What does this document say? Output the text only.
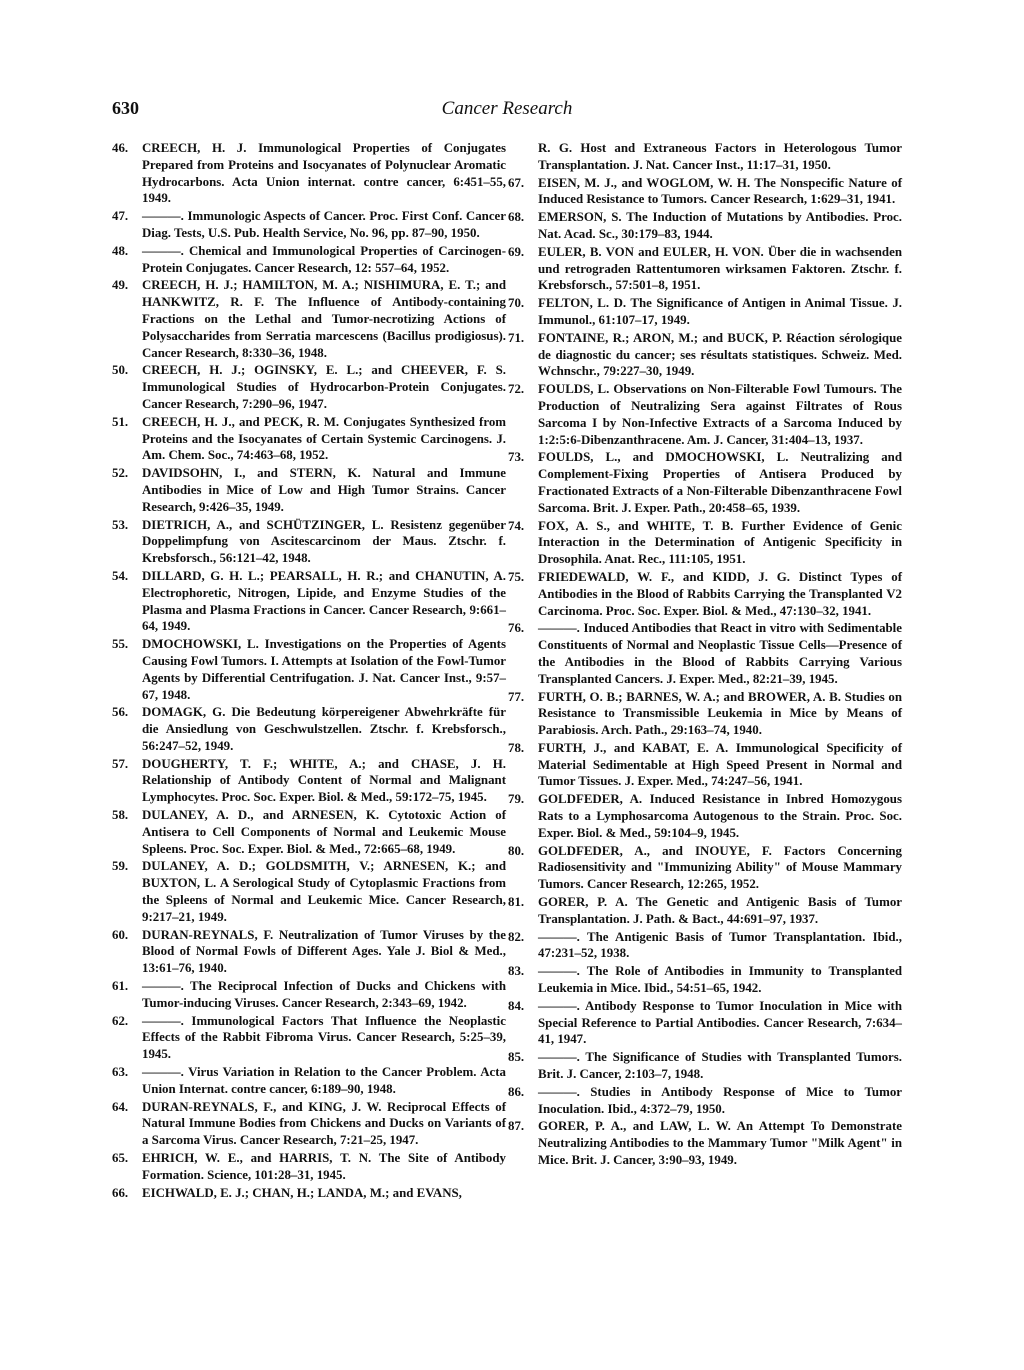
630	Cancer Research
46.	CREECH, H. J. Immunological Properties of Conjugates Prepared from Proteins and Isocyanates of Polynuclear Aromatic Hydrocarbons. Acta Union internat. contre cancer, 6:451–55, 1949.
47.	———. Immunologic Aspects of Cancer. Proc. First Conf. Cancer Diag. Tests, U.S. Pub. Health Service, No. 96, pp. 87–90, 1950.
48.	———. Chemical and Immunological Properties of Carcinogen-Protein Conjugates. Cancer Research, 12: 557–64, 1952.
49.	CREECH, H. J.; HAMILTON, M. A.; NISHIMURA, E. T.; and HANKWITZ, R. F. The Influence of Antibody-containing Fractions on the Lethal and Tumor-necrotizing Actions of Polysaccharides from Serratia marcescens (Bacillus prodigiosus). Cancer Research, 8:330–36, 1948.
50.	CREECH, H. J.; OGINSKY, E. L.; and CHEEVER, F. S. Immunological Studies of Hydrocarbon-Protein Conjugates. Cancer Research, 7:290–96, 1947.
51.	CREECH, H. J., and PECK, R. M. Conjugates Synthesized from Proteins and the Isocyanates of Certain Systemic Carcinogens. J. Am. Chem. Soc., 74:463–68, 1952.
52.	DAVIDSOHN, I., and STERN, K. Natural and Immune Antibodies in Mice of Low and High Tumor Strains. Cancer Research, 9:426–35, 1949.
53.	DIETRICH, A., and SCHÜTZINGER, L. Resistenz gegenüber Doppelimpfung von Ascitescarcinom der Maus. Ztschr. f. Krebsforsch., 56:121–42, 1948.
54.	DILLARD, G. H. L.; PEARSALL, H. R.; and CHANUTIN, A. Electrophoretic, Nitrogen, Lipide, and Enzyme Studies of the Plasma and Plasma Fractions in Cancer. Cancer Research, 9:661–64, 1949.
55.	DMOCHOWSKI, L. Investigations on the Properties of Agents Causing Fowl Tumors. I. Attempts at Isolation of the Fowl-Tumor Agents by Differential Centrifugation. J. Nat. Cancer Inst., 9:57–67, 1948.
56.	DOMAGK, G. Die Bedeutung körpereigener Abwehrkräfte für die Ansiedlung von Geschwulstzellen. Ztschr. f. Krebsforsch., 56:247–52, 1949.
57.	DOUGHERTY, T. F.; WHITE, A.; and CHASE, J. H. Relationship of Antibody Content of Normal and Malignant Lymphocytes. Proc. Soc. Exper. Biol. & Med., 59:172–75, 1945.
58.	DULANEY, A. D., and ARNESEN, K. Cytotoxic Action of Antisera to Cell Components of Normal and Leukemic Mouse Spleens. Proc. Soc. Exper. Biol. & Med., 72:665–68, 1949.
59.	DULANEY, A. D.; GOLDSMITH, V.; ARNESEN, K.; and BUXTON, L. A Serological Study of Cytoplasmic Fractions from the Spleens of Normal and Leukemic Mice. Cancer Research, 9:217–21, 1949.
60.	DURAN-REYNALS, F. Neutralization of Tumor Viruses by the Blood of Normal Fowls of Different Ages. Yale J. Biol & Med., 13:61–76, 1940.
61.	———. The Reciprocal Infection of Ducks and Chickens with Tumor-inducing Viruses. Cancer Research, 2:343–69, 1942.
62.	———. Immunological Factors That Influence the Neoplastic Effects of the Rabbit Fibroma Virus. Cancer Research, 5:25–39, 1945.
63.	———. Virus Variation in Relation to the Cancer Problem. Acta Union Internat. contre cancer, 6:189–90, 1948.
64.	DURAN-REYNALS, F., and KING, J. W. Reciprocal Effects of Natural Immune Bodies from Chickens and Ducks on Variants of a Sarcoma Virus. Cancer Research, 7:21–25, 1947.
65.	EHRICH, W. E., and HARRIS, T. N. The Site of Antibody Formation. Science, 101:28–31, 1945.
66.	EICHWALD, E. J.; CHAN, H.; LANDA, M.; and EVANS,
R. G. Host and Extraneous Factors in Heterologous Tumor Transplantation. J. Nat. Cancer Inst., 11:17–31, 1950.
67.	EISEN, M. J., and WOGLOM, W. H. The Nonspecific Nature of Induced Resistance to Tumors. Cancer Research, 1:629–31, 1941.
68.	EMERSON, S. The Induction of Mutations by Antibodies. Proc. Nat. Acad. Sc., 30:179–83, 1944.
69.	EULER, B. VON and EULER, H. VON. Über die in wachsenden und retrograden Rattentumoren wirksamen Faktoren. Ztschr. f. Krebsforsch., 57:501–8, 1951.
70.	FELTON, L. D. The Significance of Antigen in Animal Tissue. J. Immunol., 61:107–17, 1949.
71.	FONTAINE, R.; ARON, M.; and BUCK, P. Réaction sérologique de diagnostic du cancer; ses résultats statistiques. Schweiz. Med. Wchnschr., 79:227–30, 1949.
72.	FOULDS, L. Observations on Non-Filterable Fowl Tumours. The Production of Neutralizing Sera against Filtrates of Rous Sarcoma I by Non-Infective Extracts of a Sarcoma Induced by 1:2:5:6-Dibenzanthracene. Am. J. Cancer, 31:404–13, 1937.
73.	FOULDS, L., and DMOCHOWSKI, L. Neutralizing and Complement-Fixing Properties of Antisera Produced by Fractionated Extracts of a Non-Filterable Dibenzanthracene Fowl Sarcoma. Brit. J. Exper. Path., 20:458–65, 1939.
74.	FOX, A. S., and WHITE, T. B. Further Evidence of Genic Interaction in the Determination of Antigenic Specificity in Drosophila. Anat. Rec., 111:105, 1951.
75.	FRIEDEWALD, W. F., and KIDD, J. G. Distinct Types of Antibodies in the Blood of Rabbits Carrying the Transplanted V2 Carcinoma. Proc. Soc. Exper. Biol. & Med., 47:130–32, 1941.
76.	———. Induced Antibodies that React in vitro with Sedimentable Constituents of Normal and Neoplastic Tissue Cells—Presence of the Antibodies in the Blood of Rabbits Carrying Various Transplanted Cancers. J. Exper. Med., 82:21–39, 1945.
77.	FURTH, O. B.; BARNES, W. A.; and BROWER, A. B. Studies on Resistance to Transmissible Leukemia in Mice by Means of Parabiosis. Arch. Path., 29:163–74, 1940.
78.	FURTH, J., and KABAT, E. A. Immunological Specificity of Material Sedimentable at High Speed Present in Normal and Tumor Tissues. J. Exper. Med., 74:247–56, 1941.
79.	GOLDFEDER, A. Induced Resistance in Inbred Homozygous Rats to a Lymphosarcoma Autogenous to the Strain. Proc. Soc. Exper. Biol. & Med., 59:104–9, 1945.
80.	GOLDFEDER, A., and INOUYE, F. Factors Concerning Radiosensitivity and "Immunizing Ability" of Mouse Mammary Tumors. Cancer Research, 12:265, 1952.
81.	GORER, P. A. The Genetic and Antigenic Basis of Tumor Transplantation. J. Path. & Bact., 44:691–97, 1937.
82.	———. The Antigenic Basis of Tumor Transplantation. Ibid., 47:231–52, 1938.
83.	———. The Role of Antibodies in Immunity to Transplanted Leukemia in Mice. Ibid., 54:51–65, 1942.
84.	———. Antibody Response to Tumor Inoculation in Mice with Special Reference to Partial Antibodies. Cancer Research, 7:634–41, 1947.
85.	———. The Significance of Studies with Transplanted Tumors. Brit. J. Cancer, 2:103–7, 1948.
86.	———. Studies in Antibody Response of Mice to Tumor Inoculation. Ibid., 4:372–79, 1950.
87.	GORER, P. A., and LAW, L. W. An Attempt To Demonstrate Neutralizing Antibodies to the Mammary Tumor "Milk Agent" in Mice. Brit. J. Cancer, 3:90–93, 1949.
